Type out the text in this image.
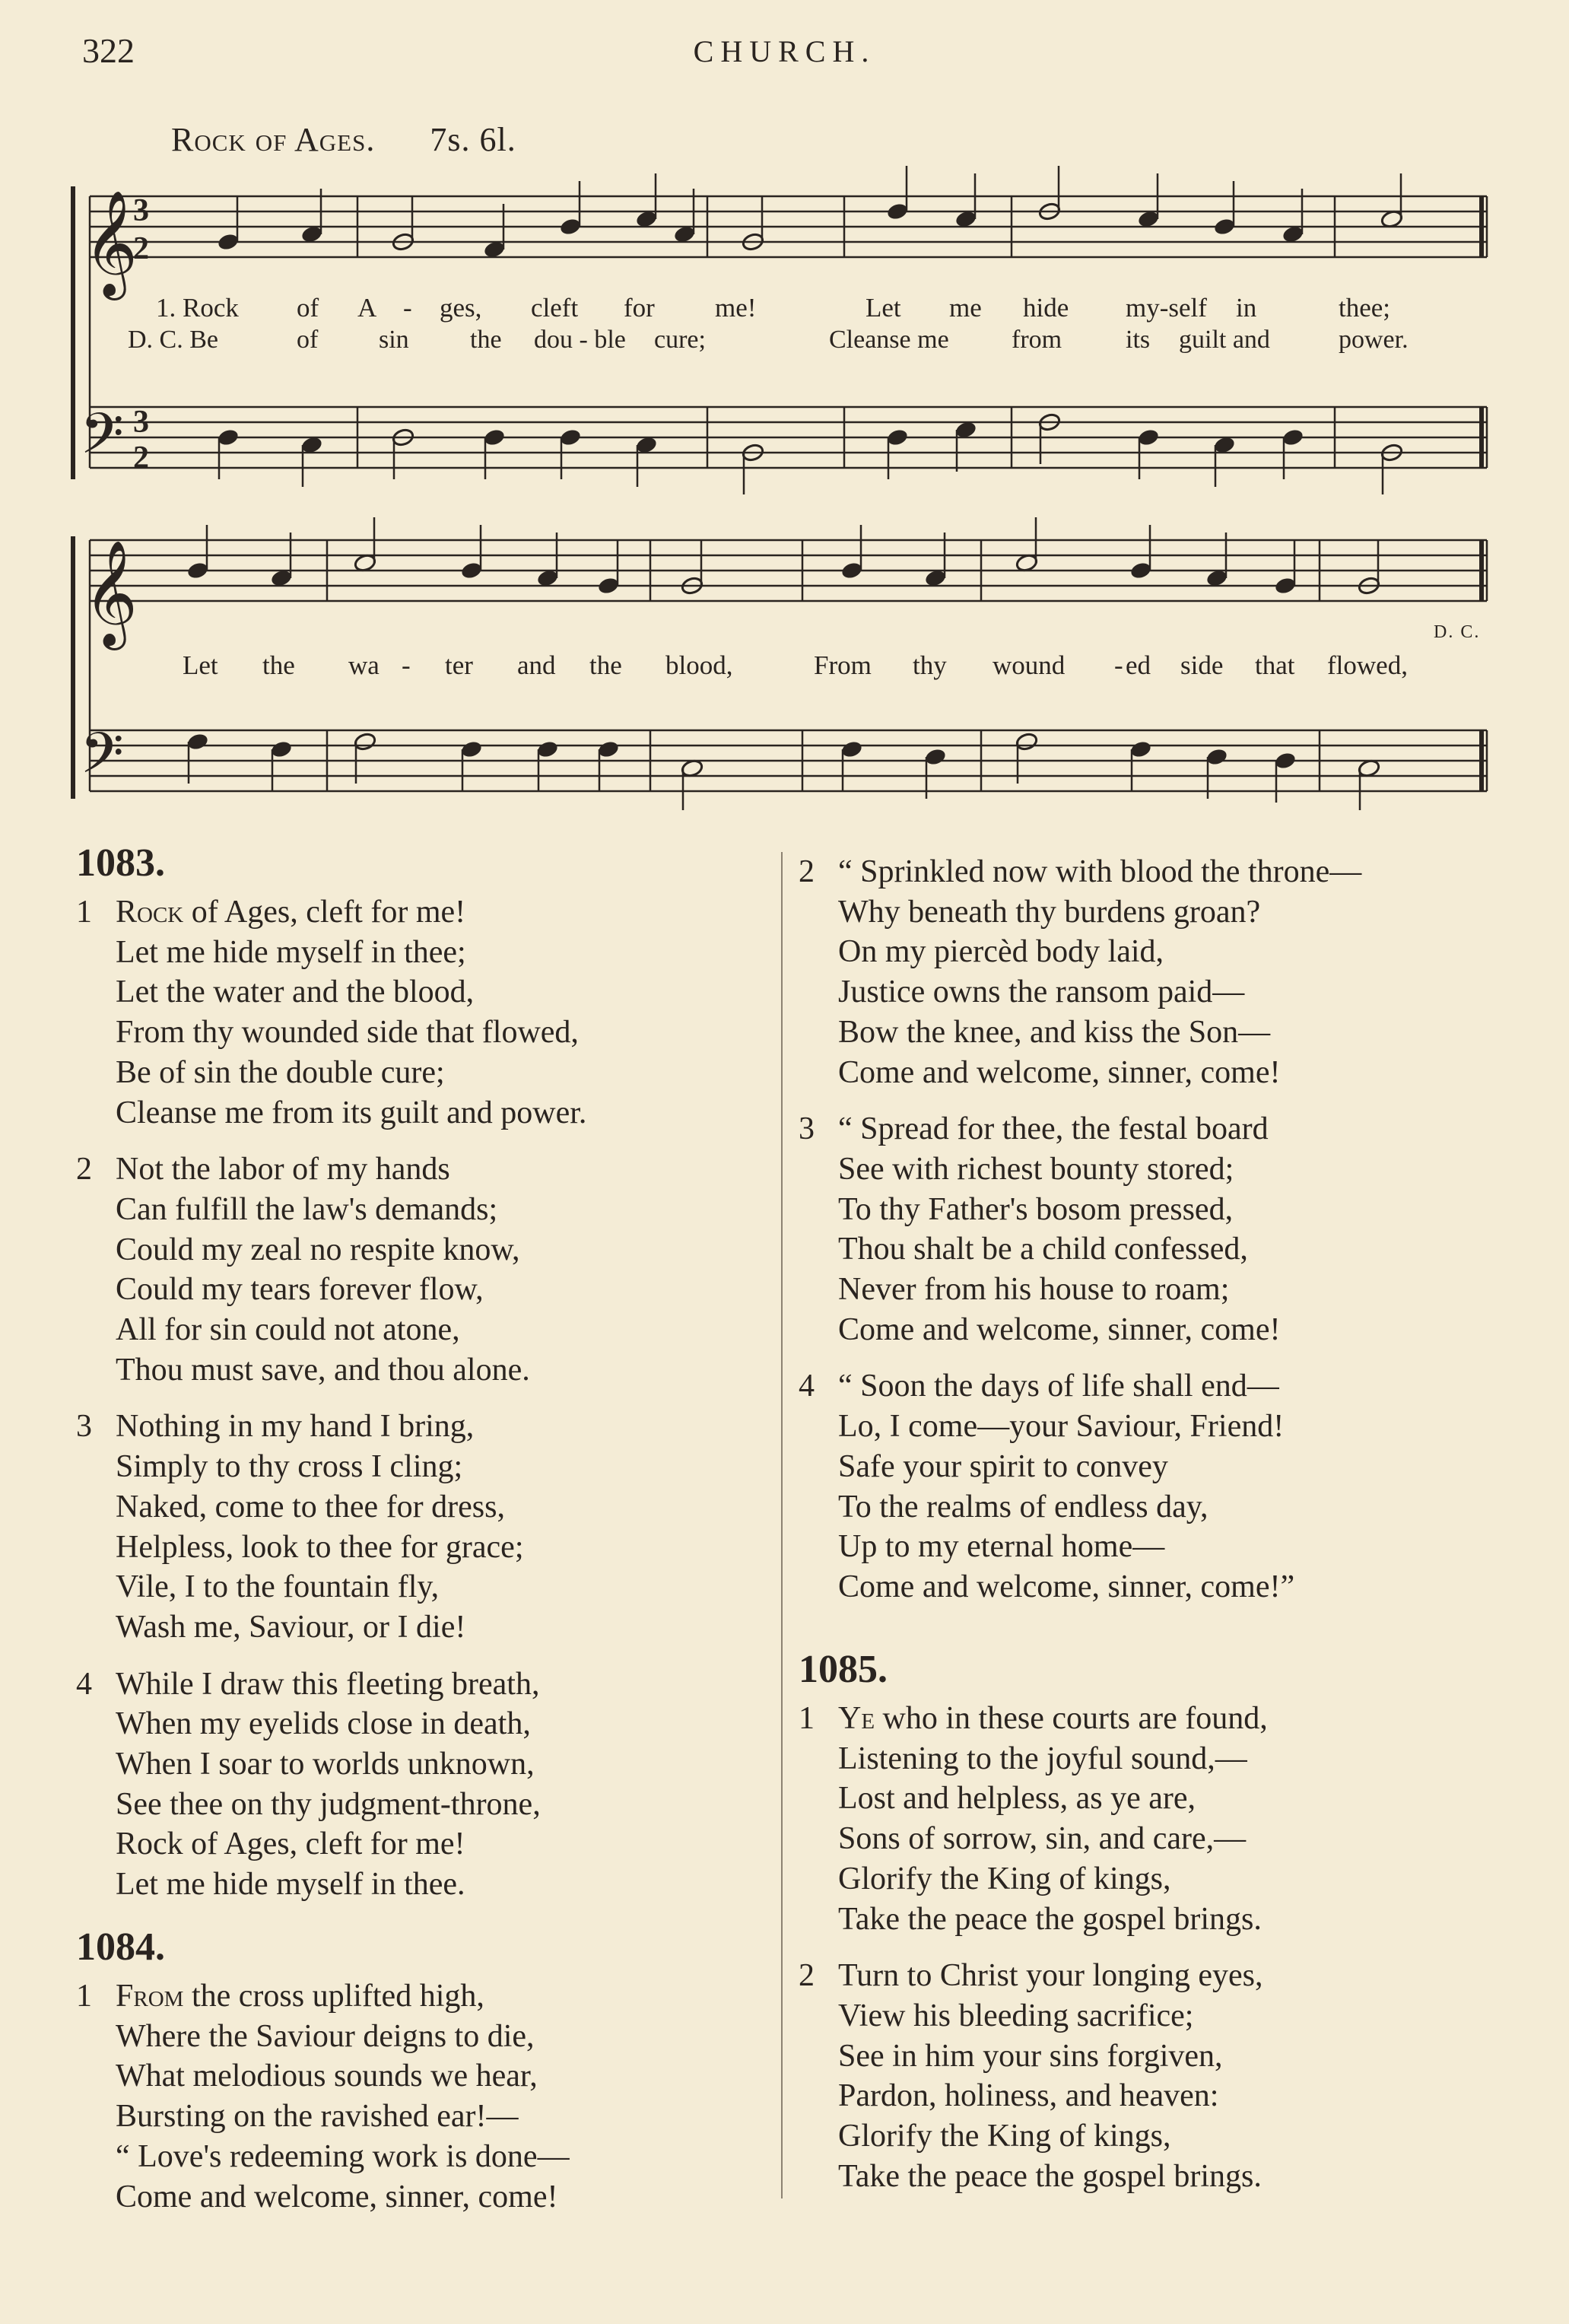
322	CHURCH.
Rock of Ages. 7s. 6l.
𝄞
𝄞
𝄢
𝄢
3
2
3
2
1. Rock of A - ges, cleft for me!	Let me hide my-self in	thee;
D. C. Be	of sin the dou - ble cure;	Cleanse me from its guilt and	power.
Let the wa - ter and the blood,	From thy wound - ed side that flowed,
D. C.
1083.
1 Rock of Ages, cleft for me!
Let me hide myself in thee;
Let the water and the blood,
From thy wounded side that flowed,
Be of sin the double cure;
Cleanse me from its guilt and power.
2 Not the labor of my hands
Can fulfill the law's demands;
Could my zeal no respite know,
Could my tears forever flow,
All for sin could not atone,
Thou must save, and thou alone.
3 Nothing in my hand I bring,
Simply to thy cross I cling;
Naked, come to thee for dress,
Helpless, look to thee for grace;
Vile, I to the fountain fly,
Wash me, Saviour, or I die!
4 While I draw this fleeting breath,
When my eyelids close in death,
When I soar to worlds unknown,
See thee on thy judgment-throne,
Rock of Ages, cleft for me!
Let me hide myself in thee.
1084.
1 From the cross uplifted high,
Where the Saviour deigns to die,
What melodious sounds we hear,
Bursting on the ravished ear!—
“ Love's redeeming work is done—
Come and welcome, sinner, come!
2 “ Sprinkled now with blood the throne—
Why beneath thy burdens groan?
On my piercèd body laid,
Justice owns the ransom paid—
Bow the knee, and kiss the Son—
Come and welcome, sinner, come!
3 “ Spread for thee, the festal board
See with richest bounty stored;
To thy Father's bosom pressed,
Thou shalt be a child confessed,
Never from his house to roam;
Come and welcome, sinner, come!
4 “ Soon the days of life shall end—
Lo, I come—your Saviour, Friend!
Safe your spirit to convey
To the realms of endless day,
Up to my eternal home—
Come and welcome, sinner, come!”
1085.
1 Ye who in these courts are found,
Listening to the joyful sound,—
Lost and helpless, as ye are,
Sons of sorrow, sin, and care,—
Glorify the King of kings,
Take the peace the gospel brings.
2 Turn to Christ your longing eyes,
View his bleeding sacrifice;
See in him your sins forgiven,
Pardon, holiness, and heaven:
Glorify the King of kings,
Take the peace the gospel brings.
